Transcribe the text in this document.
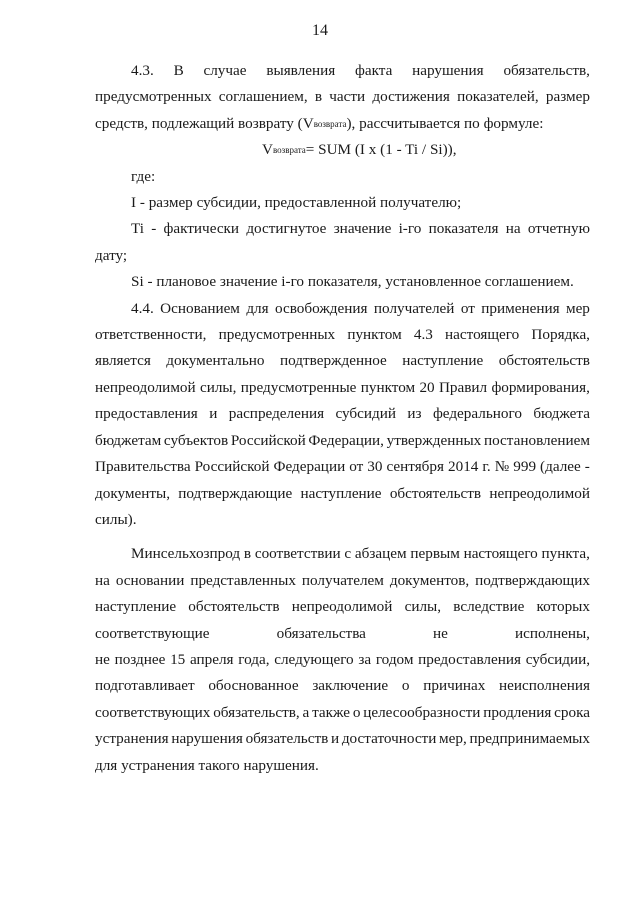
14
4.3. В случае выявления факта нарушения обязательств,
предусмотренных соглашением, в части достижения показателей, размер
средств, подлежащий возврату (V возврата ), рассчитывается по формуле:
V возврата = SUM (I x (1 - Ti / Si)),
где:
I - размер субсидии, предоставленной получателю;
Ti - фактически достигнутое значение i-го показателя на отчетную
дату;
Si - плановое значение i-го показателя, установленное соглашением.
4.4. Основанием для освобождения получателей от применения мер
ответственности, предусмотренных пунктом 4.3 настоящего Порядка,
является документально подтвержденное наступление обстоятельств
непреодолимой силы, предусмотренные пунктом 20 Правил формирования,
предоставления и распределения субсидий из федерального бюджета
бюджетам субъектов Российской Федерации, утвержденных постановлением
Правительства Российской Федерации от 30 сентября 2014 г. № 999 (далее -
документы, подтверждающие наступление обстоятельств непреодолимой
силы).
Минсельхозпрод в соответствии с абзацем первым настоящего пункта,
на основании представленных получателем документов, подтверждающих
наступление обстоятельств непреодолимой силы, вследствие которых
соответствующие	обязательства	не	исполнены,
не позднее 15 апреля года, следующего за годом предоставления субсидии,
подготавливает обоснованное заключение о причинах неисполнения
соответствующих обязательств, а также о целесообразности продления срока
устранения нарушения обязательств и достаточности мер, предпринимаемых
для устранения такого нарушения.
